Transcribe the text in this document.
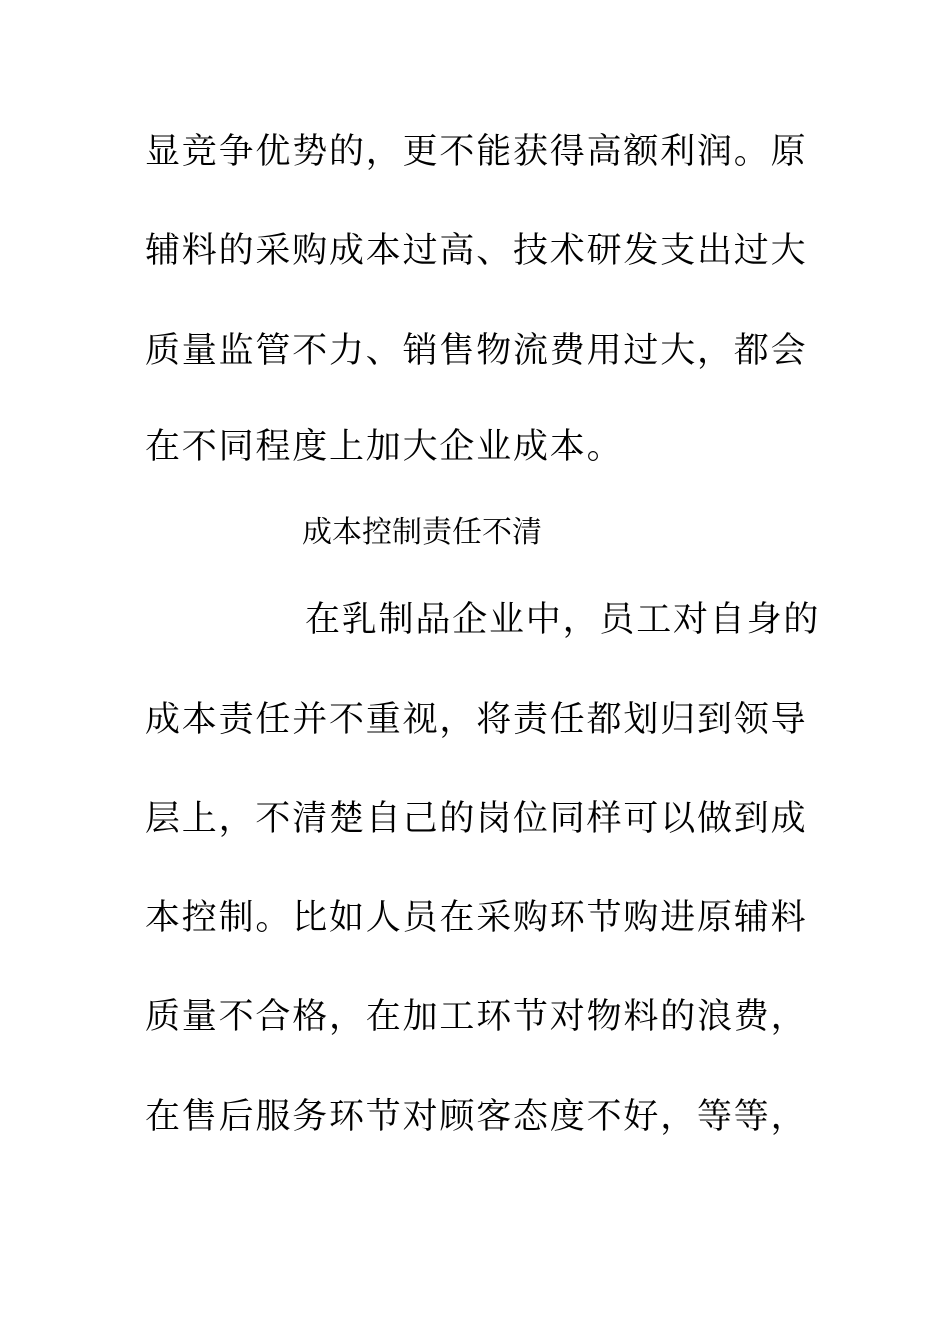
显竞争优势的，更不能获得高额利润。原
辅料的采购成本过高、技术研发支出过大
质量监管不力、销售物流费用过大，都会
在不同程度上加大企业成本。
成本控制责任不清
在乳制品企业中，员工对自身的
成本责任并不重视，将责任都划归到领导
层上，不清楚自己的岗位同样可以做到成
本控制。比如人员在采购环节购进原辅料
质量不合格，在加工环节对物料的浪费，
在售后服务环节对顾客态度不好，等等，
